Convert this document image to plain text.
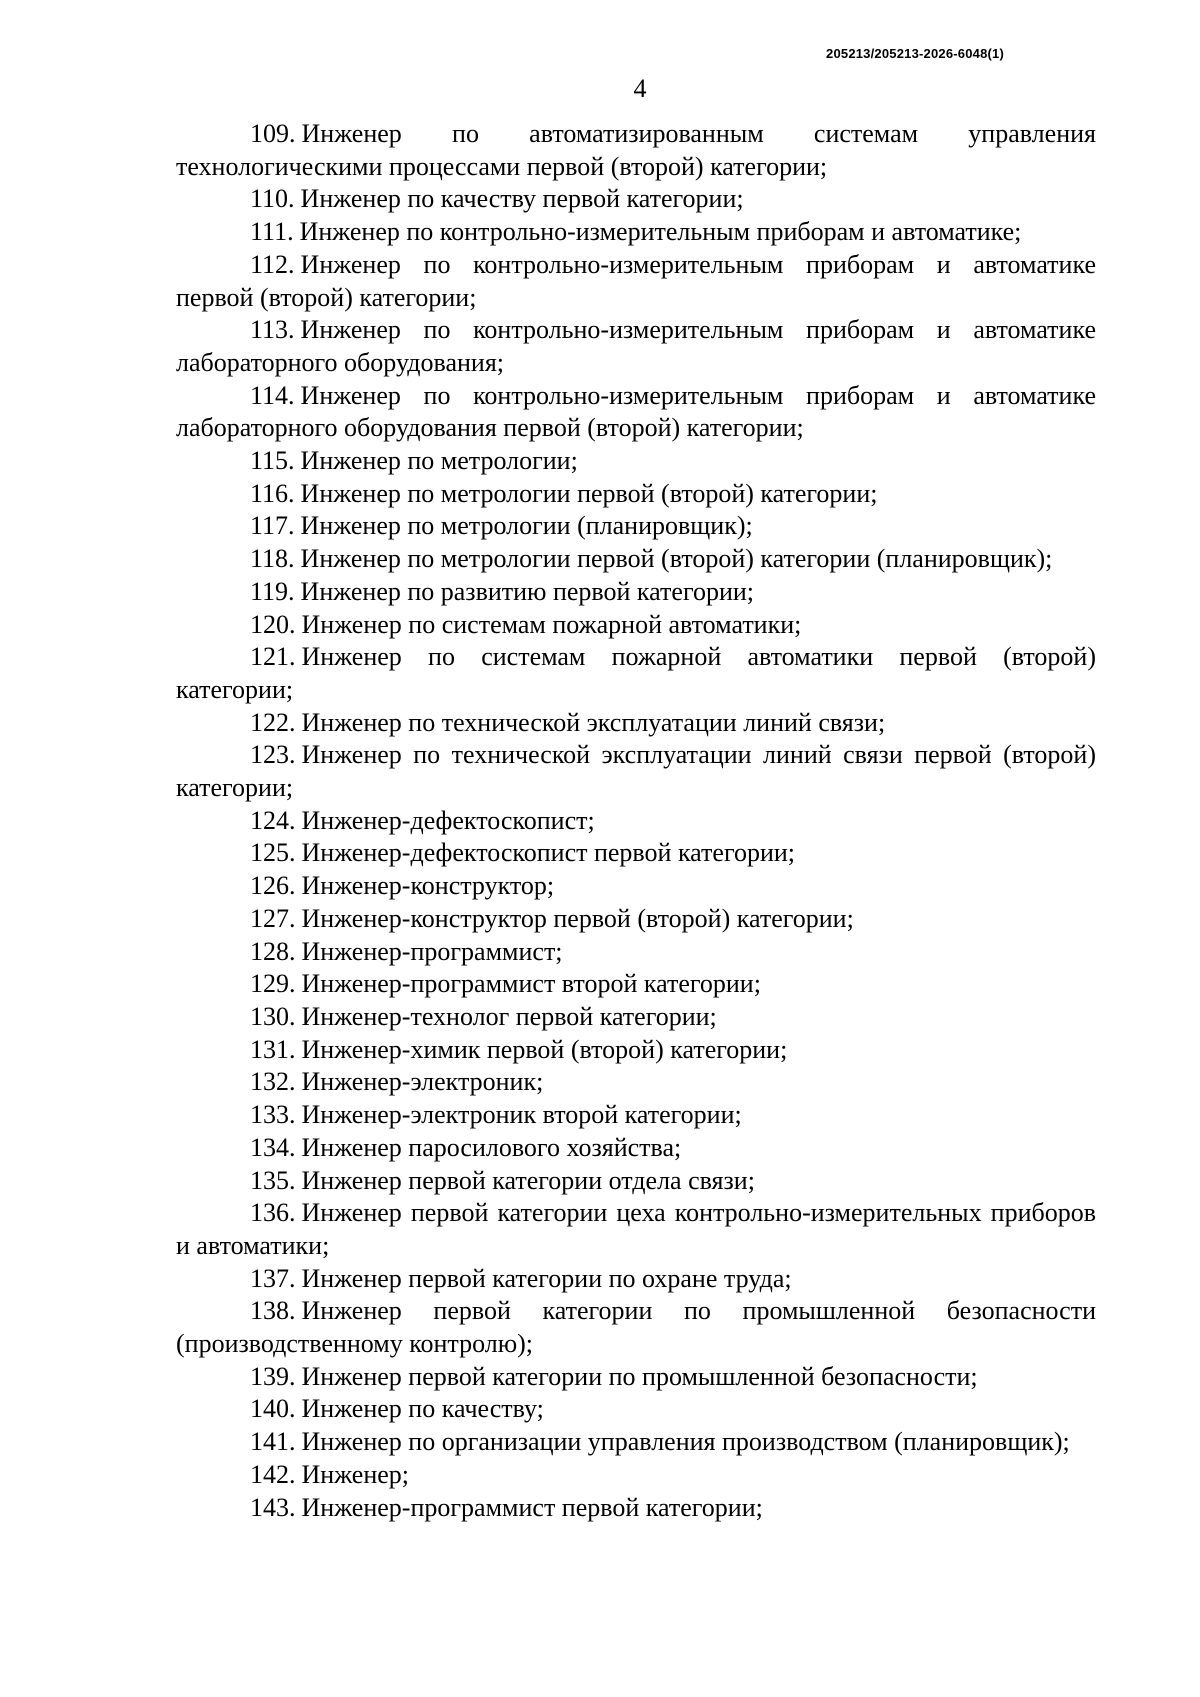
205213/205213-2026-6048(1)
4

109. Инженер по автоматизированным системам управления технологическими процессами первой (второй) категории;

110. Инженер по качеству первой категории;

111. Инженер по контрольно-измерительным приборам и автоматике;

112. Инженер по контрольно-измерительным приборам и автоматике первой (второй) категории;

113. Инженер по контрольно-измерительным приборам и автоматике лабораторного оборудования;

114. Инженер по контрольно-измерительным приборам и автоматике лабораторного оборудования первой (второй) категории;

115. Инженер по метрологии;

116. Инженер по метрологии первой (второй) категории;

117. Инженер по метрологии (планировщик);

118. Инженер по метрологии первой (второй) категории (планировщик);

119. Инженер по развитию первой категории;

120. Инженер по системам пожарной автоматики;

121. Инженер по системам пожарной автоматики первой (второй) категории;

122. Инженер по технической эксплуатации линий связи;

123. Инженер по технической эксплуатации линий связи первой (второй) категории;

124. Инженер-дефектоскопист;

125. Инженер-дефектоскопист первой категории;

126. Инженер-конструктор;

127. Инженер-конструктор первой (второй) категории;

128. Инженер-программист;

129. Инженер-программист второй категории;

130. Инженер-технолог первой категории;

131. Инженер-химик первой (второй) категории;

132. Инженер-электроник;

133. Инженер-электроник второй категории;

134. Инженер паросилового хозяйства;

135. Инженер первой категории отдела связи;

136. Инженер первой категории цеха контрольно-измерительных приборов и автоматики;

137. Инженер первой категории по охране труда;

138. Инженер первой категории по промышленной безопасности (производственному контролю);

139. Инженер первой категории по промышленной безопасности;

140. Инженер по качеству;

141. Инженер по организации управления производством (планировщик);

142. Инженер;

143. Инженер-программист первой категории;
